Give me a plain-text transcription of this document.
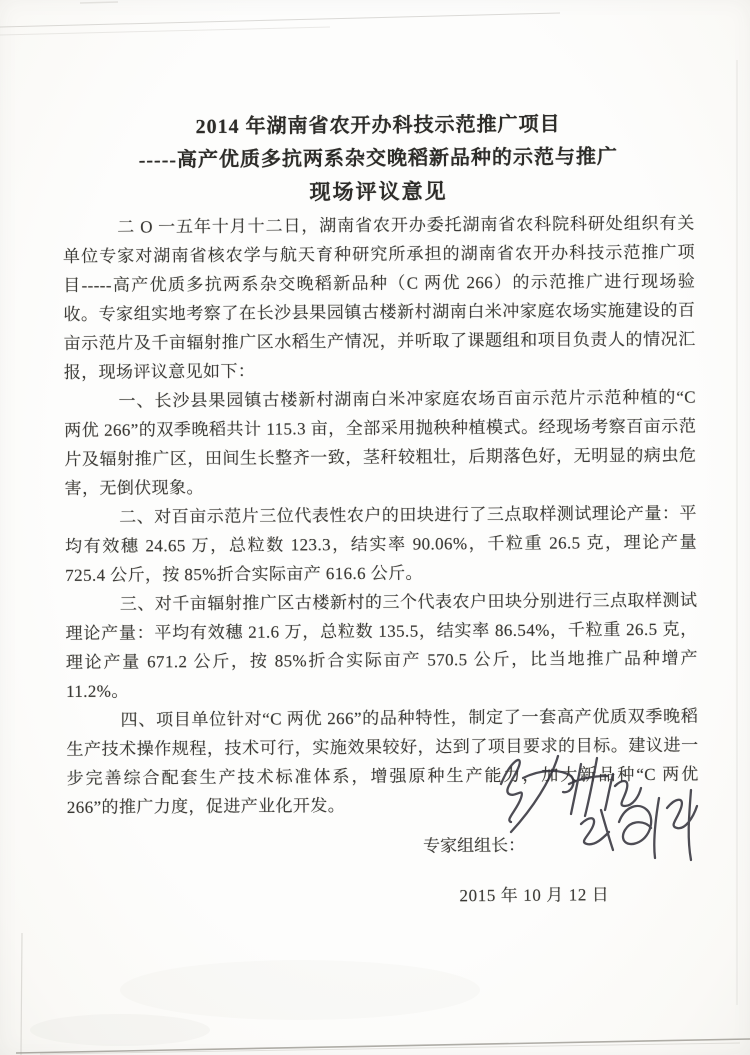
2014 年湖南省农开办科技示范推广项目
-----高产优质多抗两系杂交晚稻新品种的示范与推广
现场评议意见

二 O 一五年十月十二日，湖南省农开办委托湖南省农科院科研处组织有关单位专家对湖南省核农学与航天育种研究所承担的湖南省农开办科技示范推广项目-----高产优质多抗两系杂交晚稻新品种（C 两优 266）的示范推广进行现场验收。专家组实地考察了在长沙县果园镇古楼新村湖南白米冲家庭农场实施建设的百亩示范片及千亩辐射推广区水稻生产情况，并听取了课题组和项目负责人的情况汇报，现场评议意见如下：

一、长沙县果园镇古楼新村湖南白米冲家庭农场百亩示范片示范种植的“C 两优 266”的双季晚稻共计 115.3 亩，全部采用抛秧种植模式。经现场考察百亩示范片及辐射推广区，田间生长整齐一致，茎秆较粗壮，后期落色好，无明显的病虫危害，无倒伏现象。

二、对百亩示范片三位代表性农户的田块进行了三点取样测试理论产量：平均有效穗 24.65 万，总粒数 123.3，结实率 90.06%，千粒重 26.5 克，理论产量 725.4 公斤，按 85%折合实际亩产 616.6 公斤。

三、对千亩辐射推广区古楼新村的三个代表农户田块分别进行三点取样测试理论产量：平均有效穗 21.6 万，总粒数 135.5，结实率 86.54%，千粒重 26.5 克，理论产量 671.2 公斤，按 85%折合实际亩产 570.5 公斤，比当地推广品种增产 11.2%。

四、项目单位针对“C 两优 266”的品种特性，制定了一套高产优质双季晚稻生产技术操作规程，技术可行，实施效果较好，达到了项目要求的目标。建议进一步完善综合配套生产技术标准体系，增强原种生产能力，加大新品种“C 两优 266”的推广力度，促进产业化开发。

专家组组长：
2015 年 10 月 12 日
